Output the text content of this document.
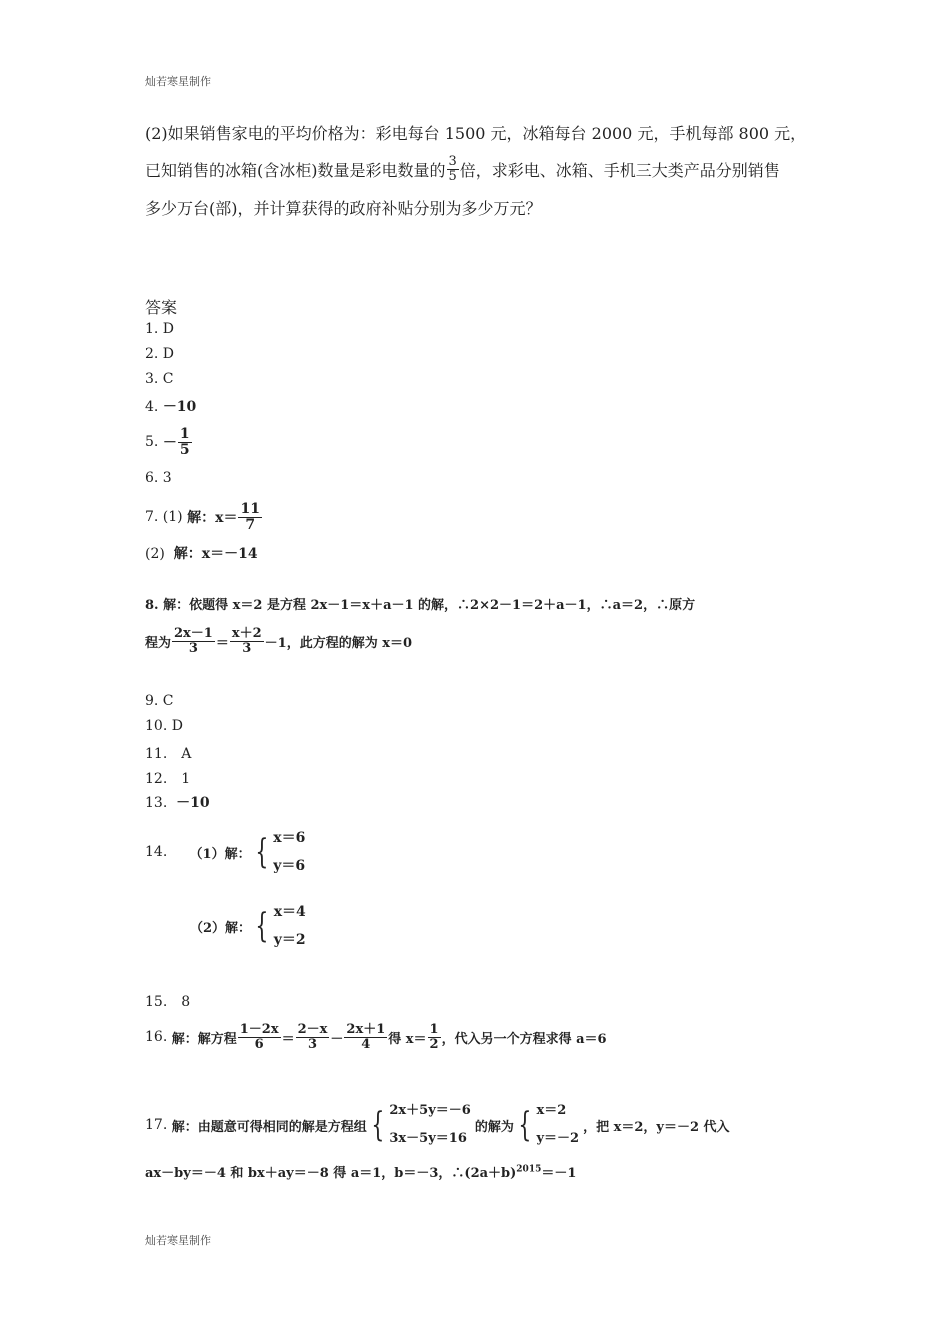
灿若寒星制作
(2)如果销售家电的平均价格为：彩电每台 1500 元，冰箱每台 2000 元，手机每部 800 元，
已知销售的冰箱(含冰柜)数量是彩电数量的 $\frac{3}{5}$ 倍，求彩电、冰箱、手机三大类产品分别销售
多少万台(部)，并计算获得的政府补贴分别为多少万元？
答案
1. D
2. D
3. C
4. －10
5.
－ $\frac{1}{5}$
6. 3
7. (1)
解：$x= \frac{11}{7}$
(2) 解：x＝－14
8. 解：依题得 x＝2 是方程 2x－1＝x＋a－1 的解，∴2×2－1＝2＋a－1，∴a＝2，∴原方
程为 $\frac{2x-1}{3} = \frac{x+2}{3} -1$，此方程的解为 x＝0
9. C
10. D
11.　A
12.　1
13. －10
14.
（1）解： { x＝6
y＝6
（2）解： { x＝4
y＝2
15.　8
16.
解：解方程 $\frac{1-2x}{6} = \frac{2-x}{3} - \frac{2x+1}{4}$ 得 $x= \frac{1}{2}$ ，代入另一个方程求得 a＝6
17.
解：由题意可得相同的解是方程组 { 2x＋5y＝－6
3x－5y＝16
的解为 { x＝2
y＝－2
，把 x＝2，y＝－2 代入
ax－by＝－4 和 bx＋ay＝－8 得 a＝1，b＝－3，$\therefore(2a+b)^{2015}=-1$
灿若寒星制作
